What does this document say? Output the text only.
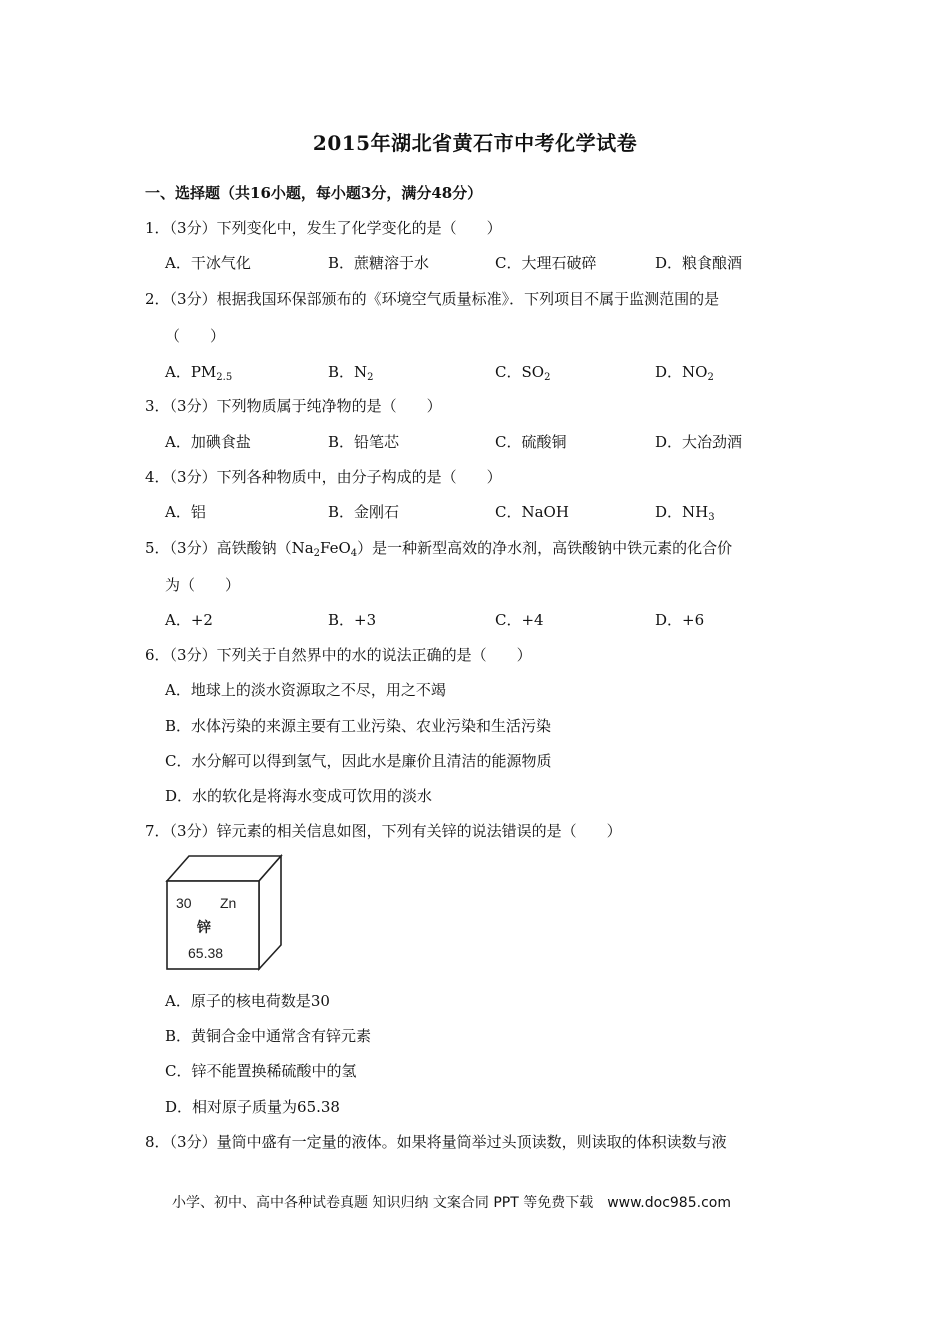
2015年湖北省黄石市中考化学试卷
一、选择题（共16小题，每小题3分，满分48分）
1．（3分）下列变化中，发生了化学变化的是（　　）
A．干冰气化	B．蔗糖溶于水	C．大理石破碎	D．粮食酿酒
2．（3分）根据我国环保部颁布的《环境空气质量标准》．下列项目不属于监测范围的是
（　　）
A．$PM_{2.5}$	B．$N_2$	C．$SO_2$	D．$NO_2$
3．（3分）下列物质属于纯净物的是（　　）
A．加碘食盐	B．铅笔芯	C．硫酸铜	D．大冶劲酒
4．（3分）下列各种物质中，由分子构成的是（　　）
A．铝	B．金刚石	C．NaOH	D．$NH_3$
5．（3分）高铁酸钠$(Na_2FeO_4)$是一种新型高效的净水剂，高铁酸钠中铁元素的化合价
为（　　）
A．+2	B．+3	C．+4	D．+6
6．（3分）下列关于自然界中的水的说法正确的是（　　）
A．地球上的淡水资源取之不尽，用之不竭
B．水体污染的来源主要有工业污染、农业污染和生活污染
C．水分解可以得到氢气，因此水是廉价且清洁的能源物质
D．水的软化是将海水变成可饮用的淡水
7．（3分）锌元素的相关信息如图，下列有关锌的说法错误的是（　　）
30 Zn
锌
65.38
A．原子的核电荷数是30
B．黄铜合金中通常含有锌元素
C．锌不能置换稀硫酸中的氢
D．相对原子质量为65.38
8．（3分）量筒中盛有一定量的液体。如果将量筒举过头顶读数，则读取的体积读数与液
小学、初中、高中各种试卷真题 知识归纳 文案合同 PPT 等免费下载　www.doc985.com
